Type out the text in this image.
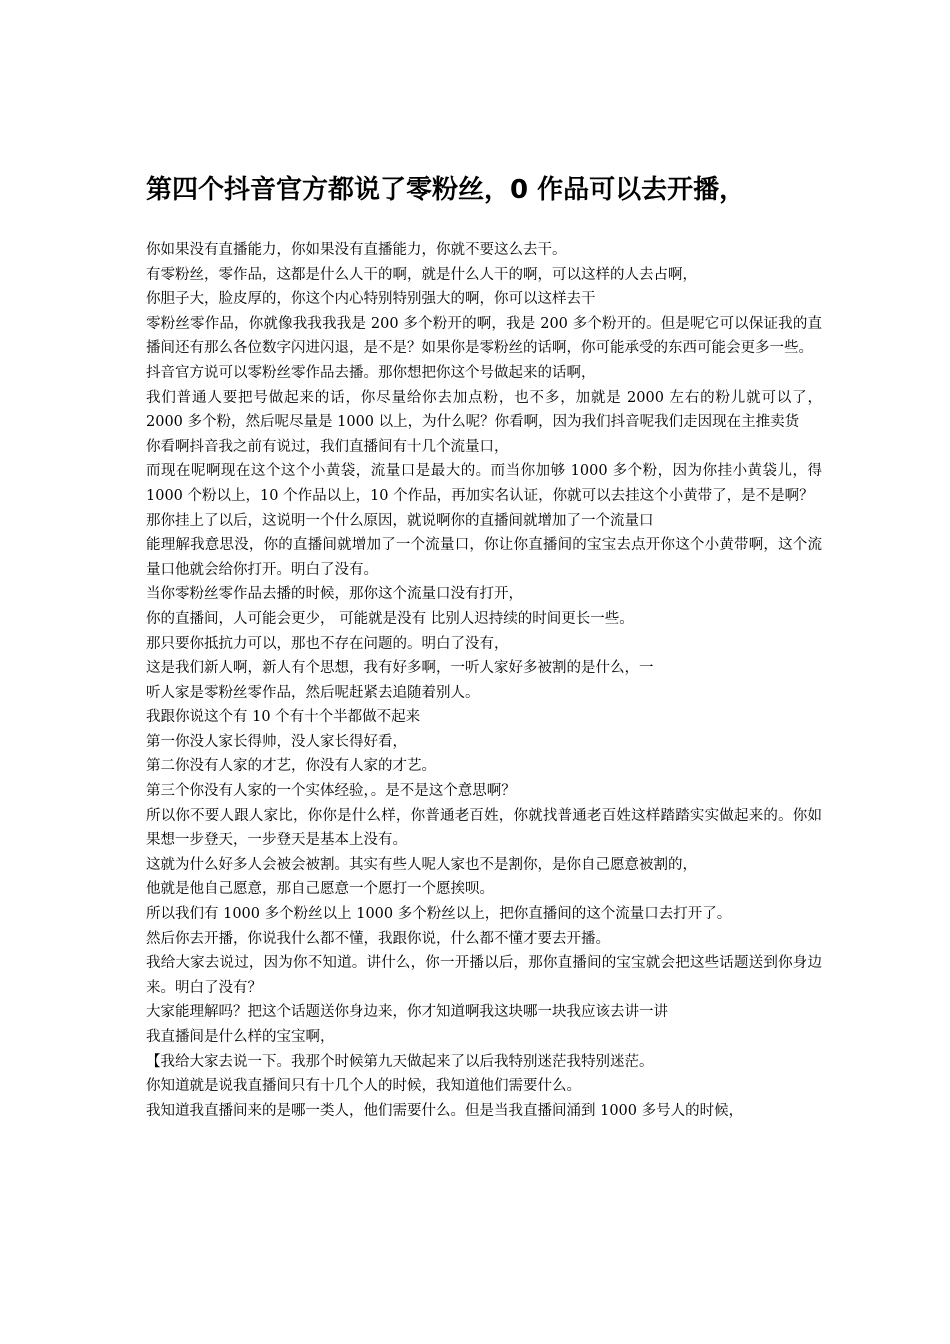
第四个抖音官方都说了零粉丝，0 作品可以去开播，

你如果没有直播能力，你如果没有直播能力，你就不要这么去干。

有零粉丝，零作品，这都是什么人干的啊，就是什么人干的啊，可以这样的人去占啊，

你胆子大，脸皮厚的，你这个内心特别特别强大的啊，你可以这样去干

零粉丝零作品，你就像我我我我是 200 多个粉开的啊，我是 200 多个粉开的。但是呢它可以保证我的直播间还有那么各位数字闪进闪退，是不是？如果你是零粉丝的话啊，你可能承受的东西可能会更多一些。

抖音官方说可以零粉丝零作品去播。那你想把你这个号做起来的话啊，

我们普通人要把号做起来的话，你尽量给你去加点粉，也不多，加就是 2000 左右的粉儿就可以了，2000 多个粉，然后呢尽量是 1000 以上，为什么呢？你看啊，因为我们抖音呢我们走因现在主推卖货

你看啊抖音我之前有说过，我们直播间有十几个流量口，

而现在呢啊现在这个这个小黄袋，流量口是最大的。而当你加够 1000 多个粉，因为你挂小黄袋儿，得 1000 个粉以上，10 个作品以上，10 个作品，再加实名认证，你就可以去挂这个小黄带了，是不是啊？

那你挂上了以后，这说明一个什么原因，就说啊你的直播间就增加了一个流量口

能理解我意思没，你的直播间就增加了一个流量口，你让你直播间的宝宝去点开你这个小黄带啊，这个流量口他就会给你打开。明白了没有。

当你零粉丝零作品去播的时候，那你这个流量口没有打开，

你的直播间，人可能会更少， 可能就是没有 比别人迟持续的时间更长一些。

那只要你抵抗力可以，那也不存在问题的。明白了没有，

这是我们新人啊，新人有个思想，我有好多啊，一听人家好多被割的是什么，一

听人家是零粉丝零作品，然后呢赶紧去追随着别人。

我跟你说这个有 10 个有十个半都做不起来

第一你没人家长得帅，没人家长得好看，

第二你没有人家的才艺，你没有人家的才艺。

第三个你没有人家的一个实体经验，。是不是这个意思啊？

所以你不要人跟人家比，你你是什么样，你普通老百姓，你就找普通老百姓这样踏踏实实做起来的。你如果想一步登天，一步登天是基本上没有。

这就为什么好多人会被会被割。其实有些人呢人家也不是割你，是你自己愿意被割的，

他就是他自己愿意，那自己愿意一个愿打一个愿挨呗。

所以我们有 1000 多个粉丝以上 1000 多个粉丝以上，把你直播间的这个流量口去打开了。

然后你去开播，你说我什么都不懂，我跟你说，什么都不懂才要去开播。

我给大家去说过，因为你不知道。讲什么，你一开播以后，那你直播间的宝宝就会把这些话题送到你身边来。明白了没有？

大家能理解吗？把这个话题送你身边来，你才知道啊我这块哪一块我应该去讲一讲

我直播间是什么样的宝宝啊，

【我给大家去说一下。我那个时候第九天做起来了以后我特别迷茫我特别迷茫。

你知道就是说我直播间只有十几个人的时候，我知道他们需要什么。

我知道我直播间来的是哪一类人，他们需要什么。但是当我直播间涌到 1000 多号人的时候，
